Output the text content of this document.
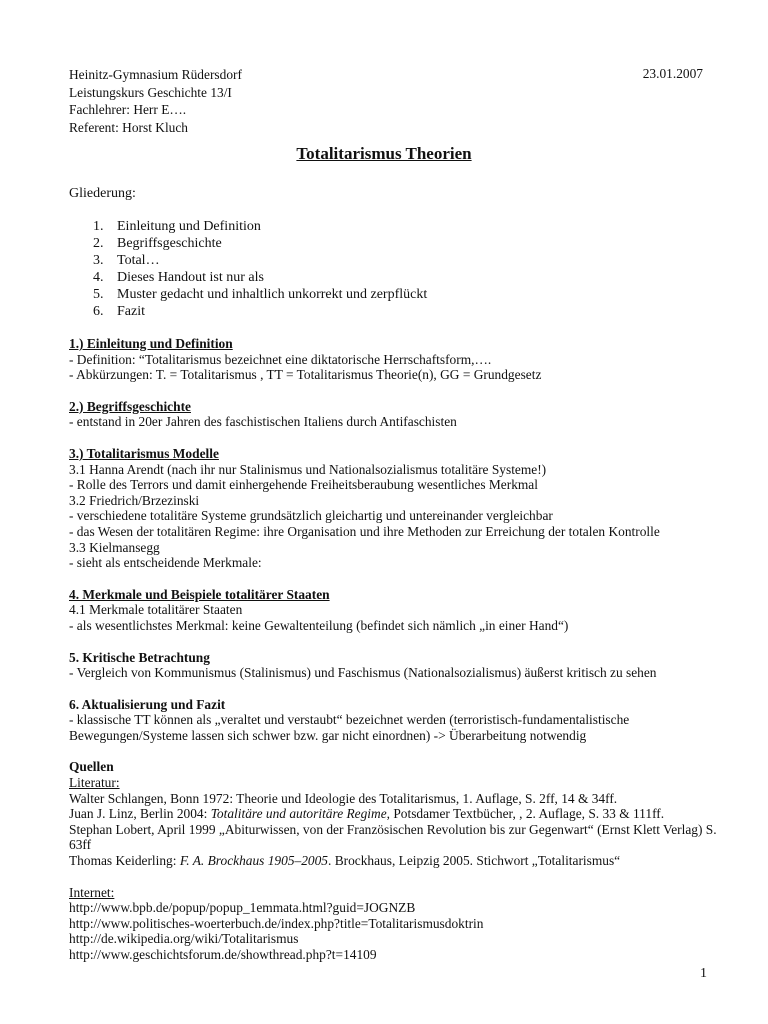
Heinitz-Gymnasium Rüdersdorf
Leistungskurs Geschichte 13/I
Fachlehrer: Herr E….
Referent: Horst Kluch
23.01.2007
Totalitarismus Theorien
Gliederung:
1. Einleitung und Definition
2. Begriffsgeschichte
3. Total…
4. Dieses Handout ist nur als
5. Muster gedacht und inhaltlich unkorrekt und zerpflückt
6. Fazit
1.) Einleitung und Definition
- Definition: “Totalitarismus bezeichnet eine diktatorische Herrschaftsform,….
- Abkürzungen: T. = Totalitarismus , TT = Totalitarismus Theorie(n), GG = Grundgesetz
2.) Begriffsgeschichte
- entstand in 20er Jahren des faschistischen Italiens durch Antifaschisten
3.) Totalitarismus Modelle
3.1 Hanna Arendt (nach ihr nur Stalinismus und Nationalsozialismus totalitäre Systeme!)
- Rolle des Terrors und damit einhergehende Freiheitsberaubung wesentliches Merkmal
3.2 Friedrich/Brzezinski
- verschiedene totalitäre Systeme grundsätzlich gleichartig und untereinander vergleichbar
- das Wesen der totalitären Regime: ihre Organisation und ihre Methoden zur Erreichung der totalen Kontrolle
3.3 Kielmansegg
- sieht als entscheidende Merkmale:
4. Merkmale und Beispiele totalitärer Staaten
4.1 Merkmale totalitärer Staaten
- als wesentlichstes Merkmal: keine Gewaltenteilung (befindet sich nämlich „in einer Hand“)
5. Kritische Betrachtung
- Vergleich von Kommunismus (Stalinismus) und Faschismus (Nationalsozialismus) äußerst kritisch zu sehen
6. Aktualisierung und Fazit
- klassische TT können als „veraltet und verstaubt“ bezeichnet werden (terroristisch-fundamentalistische Bewegungen/Systeme lassen sich schwer bzw. gar nicht einordnen) -> Überarbeitung notwendig
Quellen
Literatur:
Walter Schlangen, Bonn 1972: Theorie und Ideologie des Totalitarismus, 1. Auflage, S. 2ff, 14 & 34ff.
Juan J. Linz, Berlin 2004: Totalitäre und autoritäre Regime, Potsdamer Textbücher, , 2. Auflage, S. 33 & 111ff.
Stephan Lobert, April 1999 „Abiturwissen, von der Französischen Revolution bis zur Gegenwart“ (Ernst Klett Verlag) S. 63ff
Thomas Keiderling: F. A. Brockhaus 1905–2005. Brockhaus, Leipzig 2005. Stichwort „Totalitarismus“
Internet:
http://www.bpb.de/popup/popup_1emmata.html?guid=JOGNZB
http://www.politisches-woerterbuch.de/index.php?title=Totalitarismusdoktrin
http://de.wikipedia.org/wiki/Totalitarismus
http://www.geschichtsforum.de/showthread.php?t=14109
1
